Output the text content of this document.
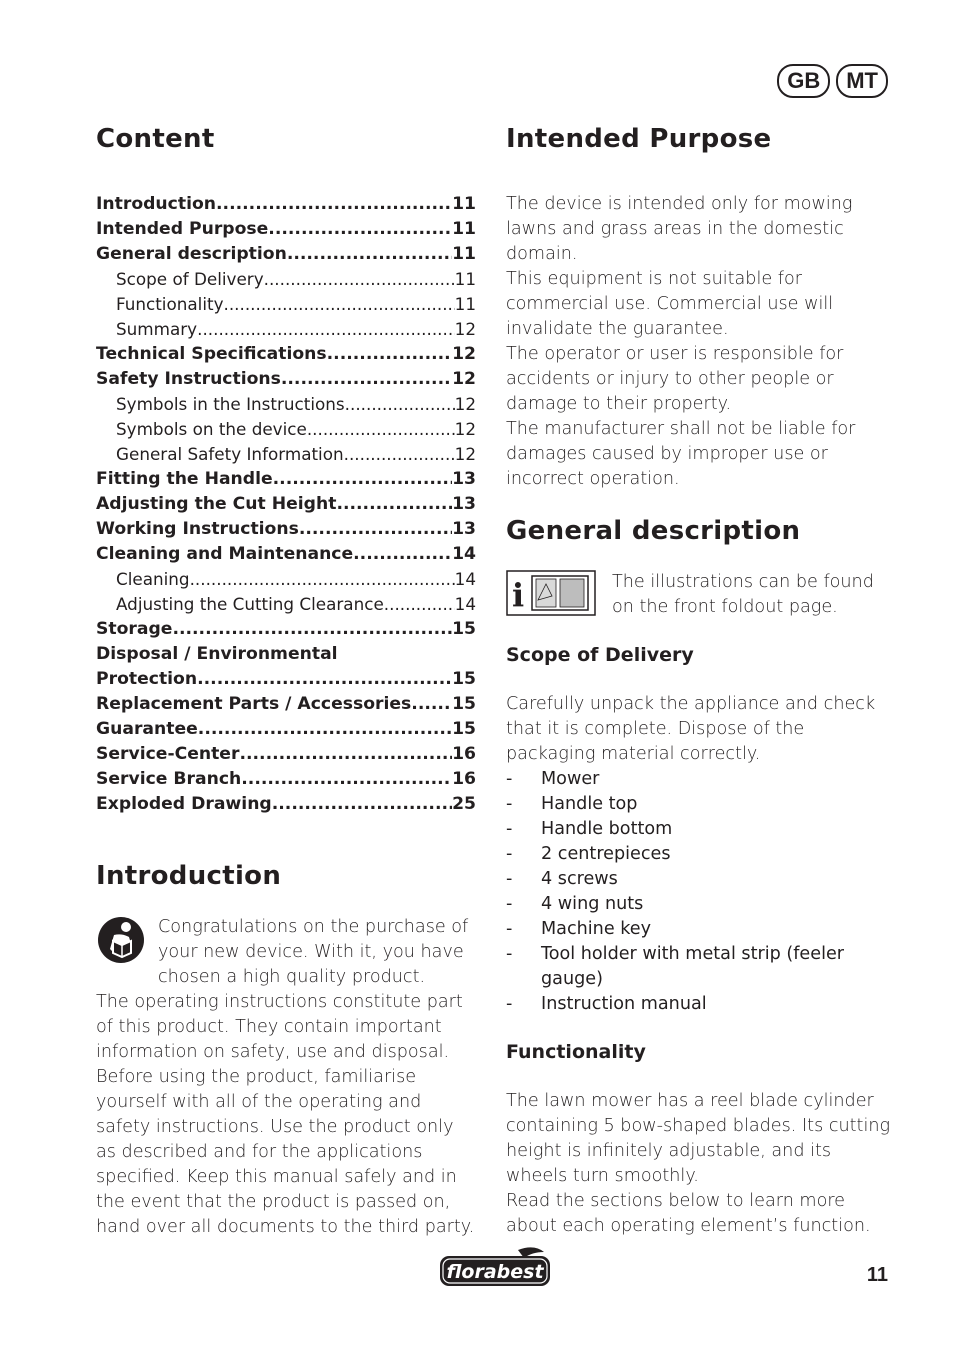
GB	MT
Content
Introduction .....	11
Intended Purpose .....	11
General description .....	11
Scope of Delivery .....	11
Functionality .....	11
Summary .....	12
Technical Specifications .....	12
Safety Instructions .....	12
Symbols in the Instructions .....	12
Symbols on the device .....	12
General Safety Information .....	12
Fitting the Handle .....	13
Adjusting the Cut Height .....	13
Working Instructions .....	13
Cleaning and Maintenance .....	14
Cleaning .....	14
Adjusting the Cutting Clearance .....	14
Storage .....	15
Disposal / Environmental
Protection .....	15
Replacement Parts / Accessories ..... 15
Guarantee .....	15
Service-Center .....	16
Service Branch .....	16
Exploded Drawing .....	25
Introduction

Congratulations on the purchase of your new device. With it, you have chosen a high quality product.

The operating instructions constitute part of this product. They contain important information on safety, use and disposal. Before using the product, familiarise yourself with all of the operating and safety instructions. Use the product only as described and for the applications specified. Keep this manual safely and in the event that the product is passed on, hand over all documents to the third party.

Intended Purpose

The device is intended only for mowing lawns and grass areas in the domestic domain.

This equipment is not suitable for commercial use. Commercial use will invalidate the guarantee.

The operator or user is responsible for accidents or injury to other people or damage to their property.

The manufacturer shall not be liable for damages caused by improper use or incorrect operation.

General description
i	The illustrations can be found on the front foldout page.

Scope of Delivery

Carefully unpack the appliance and check that it is complete. Dispose of the packaging material correctly.

- Mower
- Handle top
- Handle bottom
- 2 centrepieces
- 4 screws
- 4 wing nuts
- Machine key
- Tool holder with metal strip (feeler gauge)
- Instruction manual
Functionality

The lawn mower has a reel blade cylinder containing 5 bow-shaped blades. Its cutting height is infinitely adjustable, and its wheels turn smoothly.

Read the sections below to learn more about each operating element’s function.

florabest	11
